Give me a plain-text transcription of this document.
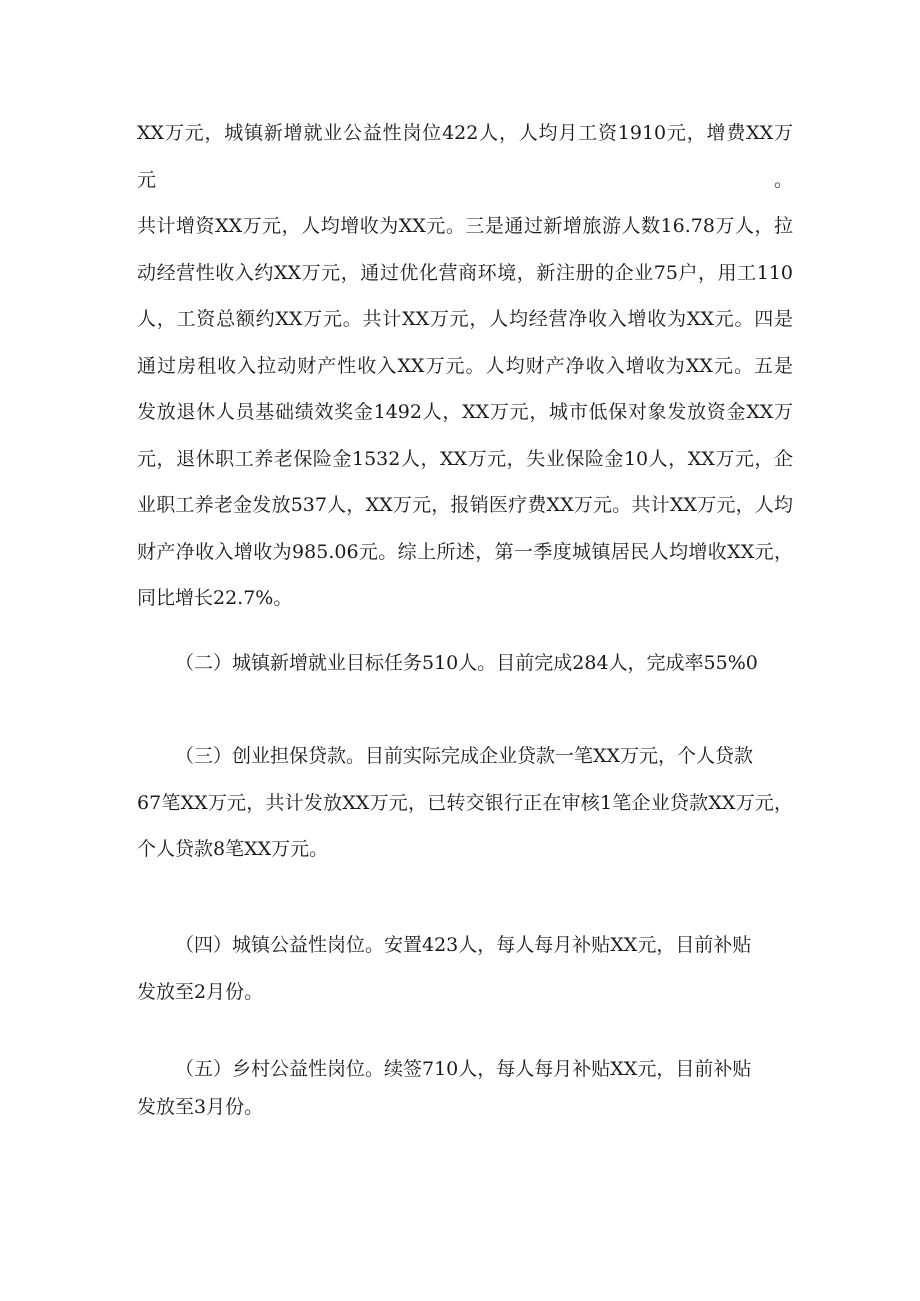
XX万元，城镇新增就业公益性岗位422人，人均月工资1910元，增费XX万元。
共计增资XX万元，人均增收为XX元。三是通过新增旅游人数16.78万人，拉
动经营性收入约XX万元，通过优化营商环境，新注册的企业75户，用工110
人，工资总额约XX万元。共计XX万元，人均经营净收入增收为XX元。四是
通过房租收入拉动财产性收入XX万元。人均财产净收入增收为XX元。五是
发放退休人员基础绩效奖金1492人，XX万元，城市低保对象发放资金XX万
元，退休职工养老保险金1532人，XX万元，失业保险金10人，XX万元，企
业职工养老金发放537人，XX万元，报销医疗费XX万元。共计XX万元，人均
财产净收入增收为985.06元。综上所述，第一季度城镇居民人均增收XX元，
同比增长22.7%。
（二）城镇新增就业目标任务510人。目前完成284人，完成率55%0
（三）创业担保贷款。目前实际完成企业贷款一笔XX万元，个人贷款
67笔XX万元，共计发放XX万元，已转交银行正在审核1笔企业贷款XX万元，
个人贷款8笔XX万元。
（四）城镇公益性岗位。安置423人，每人每月补贴XX元，目前补贴
发放至2月份。
（五）乡村公益性岗位。续签710人，每人每月补贴XX元，目前补贴
发放至3月份。
